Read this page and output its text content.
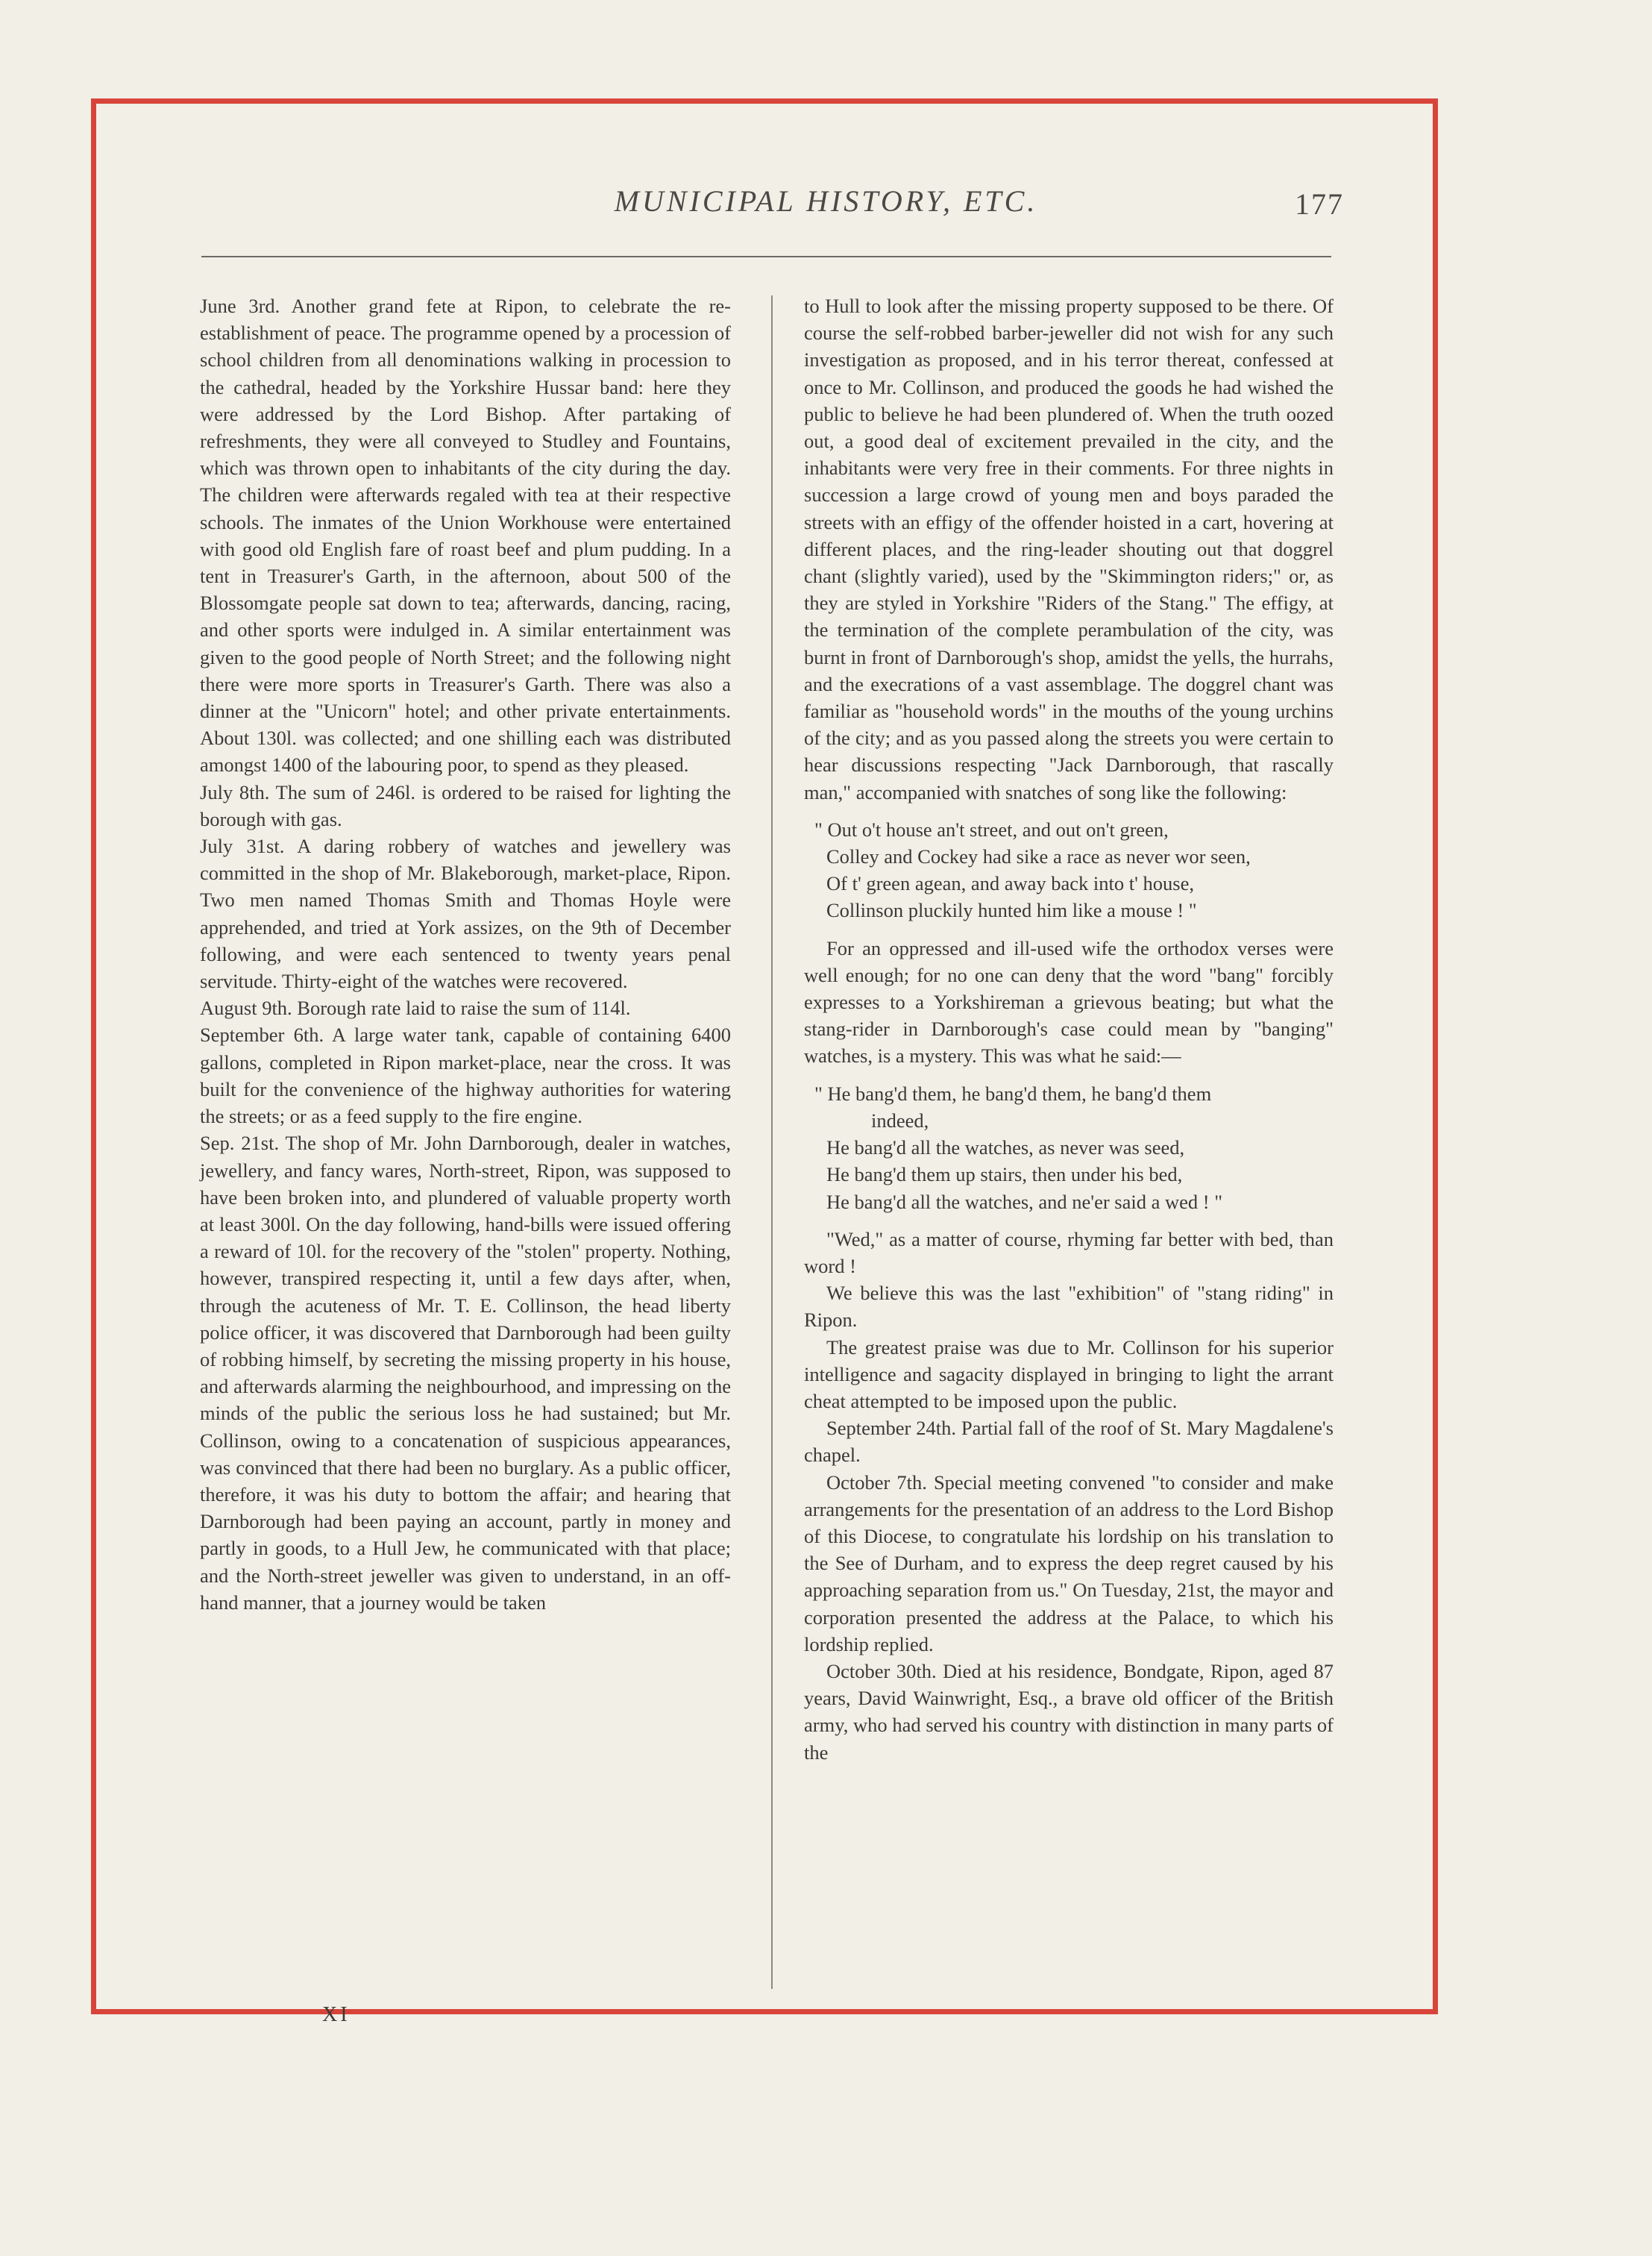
MUNICIPAL HISTORY, ETC.	177

June 3rd. Another grand fete at Ripon, to celebrate the re-establishment of peace. The programme opened by a procession of school children from all denominations walking in procession to the cathedral, headed by the Yorkshire Hussar band: here they were addressed by the Lord Bishop. After partaking of refreshments, they were all conveyed to Studley and Fountains, which was thrown open to inhabitants of the city during the day. The children were afterwards regaled with tea at their respective schools. The inmates of the Union Workhouse were entertained with good old English fare of roast beef and plum pudding. In a tent in Treasurer's Garth, in the afternoon, about 500 of the Blossomgate people sat down to tea; afterwards, dancing, racing, and other sports were indulged in. A similar entertainment was given to the good people of North Street; and the following night there were more sports in Treasurer's Garth. There was also a dinner at the "Unicorn" hotel; and other private entertainments. About 130l. was collected; and one shilling each was distributed amongst 1400 of the labouring poor, to spend as they pleased.

July 8th. The sum of 246l. is ordered to be raised for lighting the borough with gas.

July 31st. A daring robbery of watches and jewellery was committed in the shop of Mr. Blakeborough, market-place, Ripon. Two men named Thomas Smith and Thomas Hoyle were apprehended, and tried at York assizes, on the 9th of December following, and were each sentenced to twenty years penal servitude. Thirty-eight of the watches were recovered.

August 9th. Borough rate laid to raise the sum of 114l.

September 6th. A large water tank, capable of containing 6400 gallons, completed in Ripon market-place, near the cross. It was built for the convenience of the highway authorities for watering the streets; or as a feed supply to the fire engine.

Sep. 21st. The shop of Mr. John Darnborough, dealer in watches, jewellery, and fancy wares, North-street, Ripon, was supposed to have been broken into, and plundered of valuable property worth at least 300l. On the day following, hand-bills were issued offering a reward of 10l. for the recovery of the "stolen" property. Nothing, however, transpired respecting it, until a few days after, when, through the acuteness of Mr. T. E. Collinson, the head liberty police officer, it was discovered that Darnborough had been guilty of robbing himself, by secreting the missing property in his house, and afterwards alarming the neighbourhood, and impressing on the minds of the public the serious loss he had sustained; but Mr. Collinson, owing to a concatenation of suspicious appearances, was convinced that there had been no burglary. As a public officer, therefore, it was his duty to bottom the affair; and hearing that Darnborough had been paying an account, partly in money and partly in goods, to a Hull Jew, he communicated with that place; and the North-street jeweller was given to understand, in an off-hand manner, that a journey would be taken

to Hull to look after the missing property supposed to be there. Of course the self-robbed barber-jeweller did not wish for any such investigation as proposed, and in his terror thereat, confessed at once to Mr. Collinson, and produced the goods he had wished the public to believe he had been plundered of. When the truth oozed out, a good deal of excitement prevailed in the city, and the inhabitants were very free in their comments. For three nights in succession a large crowd of young men and boys paraded the streets with an effigy of the offender hoisted in a cart, hovering at different places, and the ring-leader shouting out that doggrel chant (slightly varied), used by the "Skimmington riders;" or, as they are styled in Yorkshire "Riders of the Stang." The effigy, at the termination of the complete perambulation of the city, was burnt in front of Darnborough's shop, amidst the yells, the hurrahs, and the execrations of a vast assemblage. The doggrel chant was familiar as "household words" in the mouths of the young urchins of the city; and as you passed along the streets you were certain to hear discussions respecting "Jack Darnborough, that rascally man," accompanied with snatches of song like the following:

" Out o't house an't street, and out on't green,
Colley and Cockey had sike a race as never wor seen,
Of t' green agean, and away back into t' house,
Collinson pluckily hunted him like a mouse ! "

For an oppressed and ill-used wife the orthodox verses were well enough; for no one can deny that the word "bang" forcibly expresses to a Yorkshireman a grievous beating; but what the stang-rider in Darnborough's case could mean by "banging" watches, is a mystery. This was what he said:—

" He bang'd them, he bang'd them, he bang'd them
indeed,
He bang'd all the watches, as never was seed,
He bang'd them up stairs, then under his bed,
He bang'd all the watches, and ne'er said a wed ! "

"Wed," as a matter of course, rhyming far better with bed, than word !

We believe this was the last "exhibition" of "stang riding" in Ripon.

The greatest praise was due to Mr. Collinson for his superior intelligence and sagacity displayed in bringing to light the arrant cheat attempted to be imposed upon the public.

September 24th. Partial fall of the roof of St. Mary Magdalene's chapel.

October 7th. Special meeting convened "to consider and make arrangements for the presentation of an address to the Lord Bishop of this Diocese, to congratulate his lordship on his translation to the See of Durham, and to express the deep regret caused by his approaching separation from us." On Tuesday, 21st, the mayor and corporation presented the address at the Palace, to which his lordship replied.

October 30th. Died at his residence, Bondgate, Ripon, aged 87 years, David Wainwright, Esq., a brave old officer of the British army, who had served his country with distinction in many parts of the

XI
